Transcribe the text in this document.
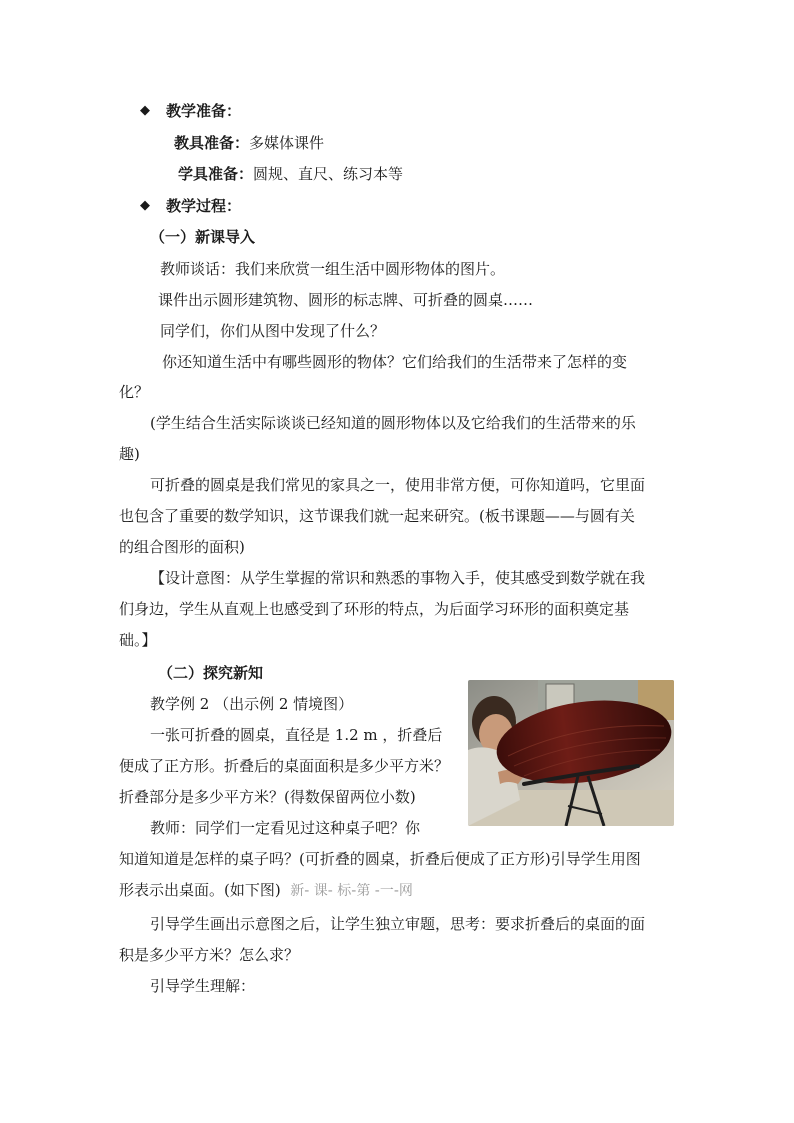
◆ 教学准备：
教具准备：多媒体课件
学具准备：圆规、直尺、练习本等
◆ 教学过程：
（一）新课导入
教师谈话：我们来欣赏一组生活中圆形物体的图片。
课件出示圆形建筑物、圆形的标志牌、可折叠的圆桌……
同学们，你们从图中发现了什么？
你还知道生活中有哪些圆形的物体？它们给我们的生活带来了怎样的变
化？
(学生结合生活实际谈谈已经知道的圆形物体以及它给我们的生活带来的乐
趣)
可折叠的圆桌是我们常见的家具之一，使用非常方便，可你知道吗，它里面
也包含了重要的数学知识，这节课我们就一起来研究。(板书课题——与圆有关
的组合图形的面积)
【设计意图：从学生掌握的常识和熟悉的事物入手，使其感受到数学就在我
们身边，学生从直观上也感受到了环形的特点，为后面学习环形的面积奠定基
础。】
（二）探究新知
教学例 2 （出示例 2 情境图）
一张可折叠的圆桌，直径是 1.2 m ，折叠后
便成了正方形。折叠后的桌面面积是多少平方米？
折叠部分是多少平方米？(得数保留两位小数)
教师：同学们一定看见过这种桌子吧？你
知道知道是怎样的桌子吗？(可折叠的圆桌，折叠后便成了正方形)引导学生用图
形表示出桌面。(如下图) 新- 课- 标-第 -一-网
引导学生画出示意图之后，让学生独立审题，思考：要求折叠后的桌面的面
积是多少平方米？怎么求？
引导学生理解：
